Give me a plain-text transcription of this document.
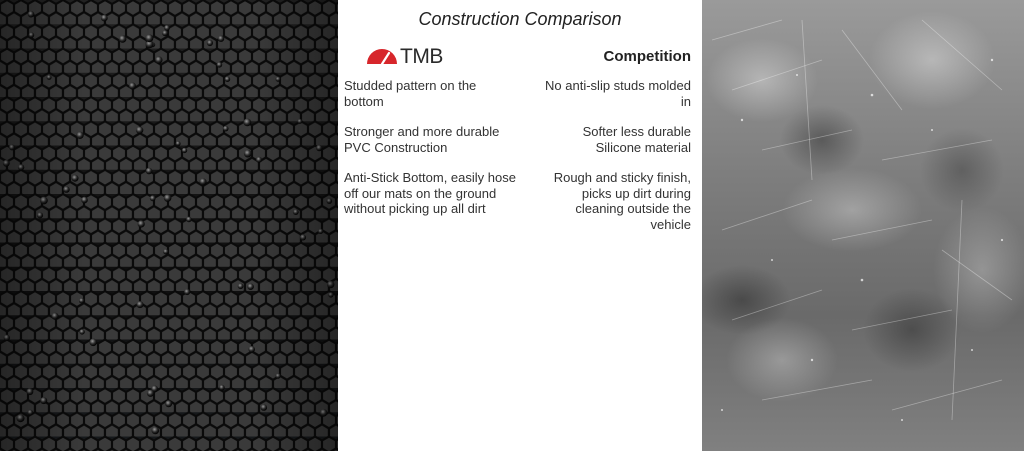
Construction Comparison
TMB	Competition
Studded pattern on the bottom
Stronger and more durable PVC Construction
Anti-Stick Bottom, easily hose off our mats on the ground without picking up all dirt
No anti-slip studs molded in
Softer less durable Silicone material
Rough and sticky finish, picks up dirt during cleaning outside the vehicle
